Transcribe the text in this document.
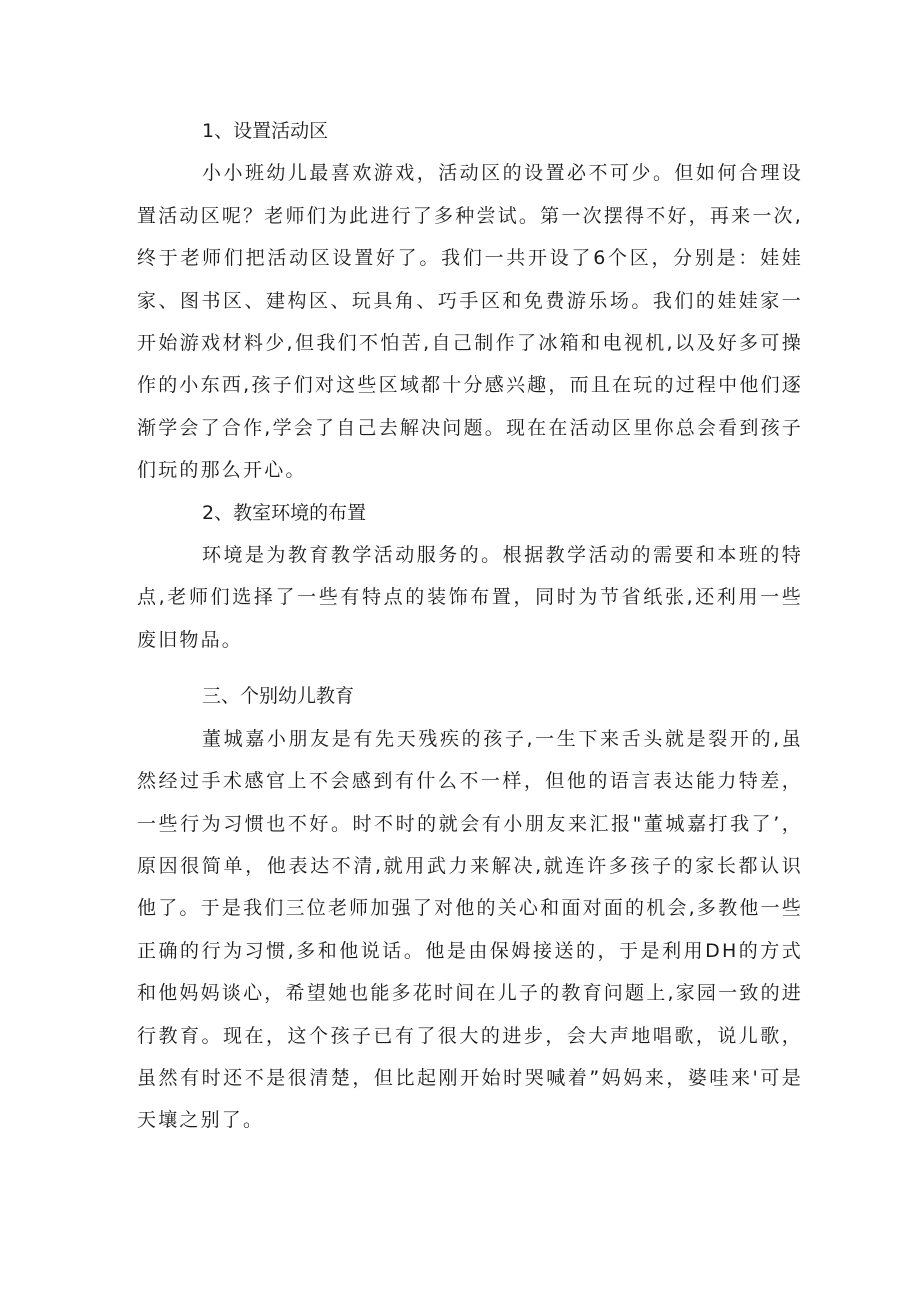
1、设置活动区

小小班幼儿最喜欢游戏，活动区的设置必不可少。但如何合理设置活动区呢？老师们为此进行了多种尝试。第一次摆得不好，再来一次,终于老师们把活动区设置好了。我们一共开设了6个区，分别是：娃娃家、图书区、建构区、玩具角、巧手区和免费游乐场。我们的娃娃家一开始游戏材料少,但我们不怕苦,自己制作了冰箱和电视机,以及好多可操作的小东西,孩子们对这些区域都十分感兴趣，而且在玩的过程中他们逐渐学会了合作,学会了自己去解决问题。现在在活动区里你总会看到孩子们玩的那么开心。

2、教室环境的布置

环境是为教育教学活动服务的。根据教学活动的需要和本班的特点,老师们选择了一些有特点的装饰布置，同时为节省纸张,还利用一些废旧物品。

三、个别幼儿教育

董城嘉小朋友是有先天残疾的孩子,一生下来舌头就是裂开的,虽然经过手术感官上不会感到有什么不一样，但他的语言表达能力特差，一些行为习惯也不好。时不时的就会有小朋友来汇报"董城嘉打我了’，原因很简单，他表达不清,就用武力来解决,就连许多孩子的家长都认识他了。于是我们三位老师加强了对他的关心和面对面的机会,多教他一些正确的行为习惯,多和他说话。他是由保姆接送的，于是利用DH的方式和他妈妈谈心，希望她也能多花时间在儿子的教育问题上,家园一致的进行教育。现在，这个孩子已有了很大的进步，会大声地唱歌，说儿歌，虽然有时还不是很清楚，但比起刚开始时哭喊着”妈妈来，婆哇来'可是天壤之别了。
